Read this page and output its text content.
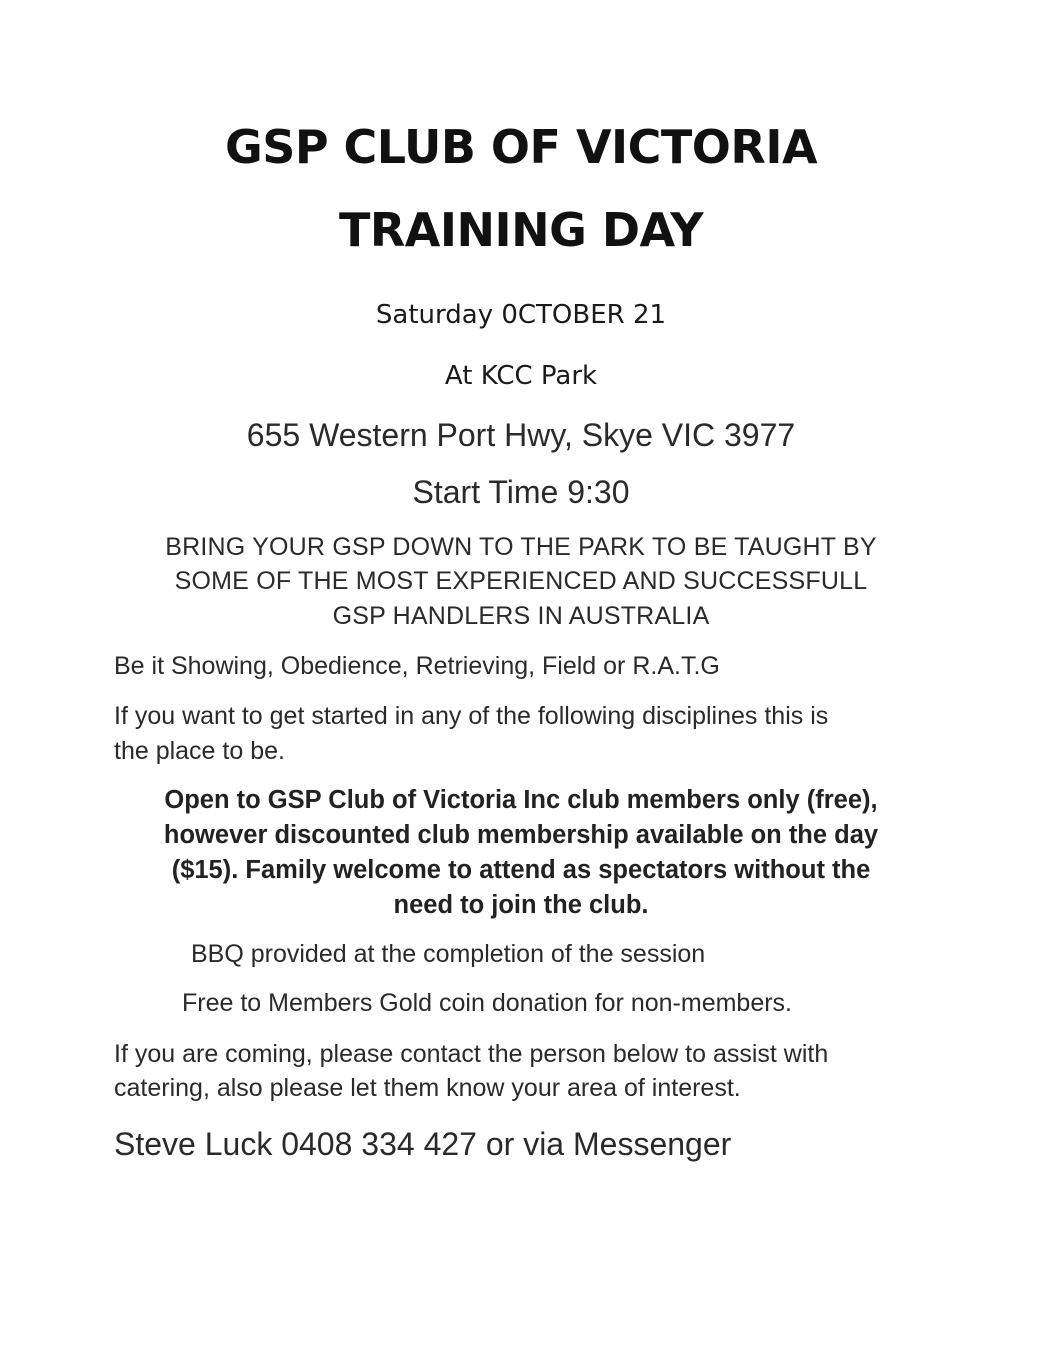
GSP CLUB OF VICTORIA
TRAINING DAY

Saturday 0CTOBER 21

At KCC Park

655 Western Port Hwy, Skye VIC 3977

Start Time 9:30

BRING YOUR GSP DOWN TO THE PARK TO BE TAUGHT BY

SOME OF THE MOST EXPERIENCED AND SUCCESSFULL

GSP HANDLERS IN AUSTRALIA

Be it Showing, Obedience, Retrieving, Field or R.A.T.G

If you want to get started in any of the following disciplines this is

the place to be.

Open to GSP Club of Victoria Inc club members only (free),

however discounted club membership available on the day

($15). Family welcome to attend as spectators without the

need to join the club.

BBQ provided at the completion of the session

Free to Members Gold coin donation for non-members.

If you are coming, please contact the person below to assist with

catering, also please let them know your area of interest.

Steve Luck 0408 334 427 or via Messenger
